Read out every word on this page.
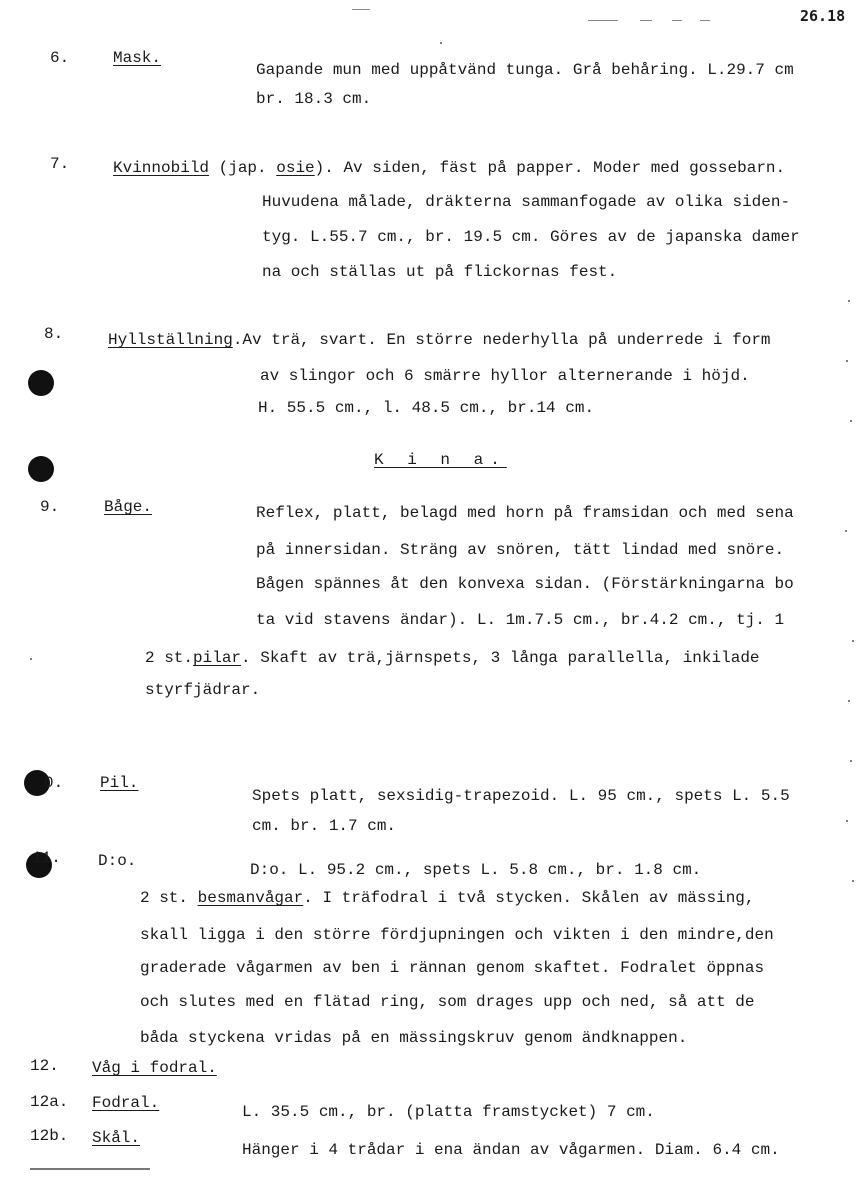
26.18
6.	Mask.
Gapande mun med uppåtvänd tunga. Grå behåring. L.29.7 cm
br. 18.3 cm.
7.	Kvinnobild (jap. osie). Av siden, fäst på papper. Moder med gossebarn.
Huvudena målade, dräkterna sammanfogade av olika siden-
tyg. L.55.7 cm., br. 19.5 cm. Göres av de japanska damer
na och ställas ut på flickornas fest.
8.	Hyllställning.Av trä, svart. En större nederhylla på underrede i form
av slingor och 6 smärre hyllor alternerande i höjd.
H. 55.5 cm., l. 48.5 cm., br.14 cm.
K i n a.
9.	Båge.	Reflex, platt, belagd med horn på framsidan och med sena
på innersidan. Sträng av snören, tätt lindad med snöre.
Bågen spännes åt den konvexa sidan. (Förstärkningarna bo
ta vid stavens ändar). L. 1m.7.5 cm., br.4.2 cm., tj. 1
2 st.pilar. Skaft av trä,järnspets, 3 långa parallella, inkilade
styrfjädrar.
0. Pil.
Spets platt, sexsidig-trapezoid. L. 95 cm., spets L. 5.5
cm. br. 1.7 cm.
11. D:o.	D:o. L. 95.2 cm., spets L. 5.8 cm., br. 1.8 cm.
2 st. besmanvågar. I träfodral i två stycken. Skålen av mässing,
skall ligga i den större fördjupningen och vikten i den mindre,den
graderade vågarmen av ben i rännan genom skaftet. Fodralet öppnas
och slutes med en flätad ring, som drages upp och ned, så att de
båda styckena vridas på en mässingskruv genom ändknappen.
12. Våg i fodral.
12a. Fodral.	L. 35.5 cm., br. (platta framstycket) 7 cm.
12b. Skål.
Hänger i 4 trådar i ena ändan av vågarmen. Diam. 6.4 cm.
